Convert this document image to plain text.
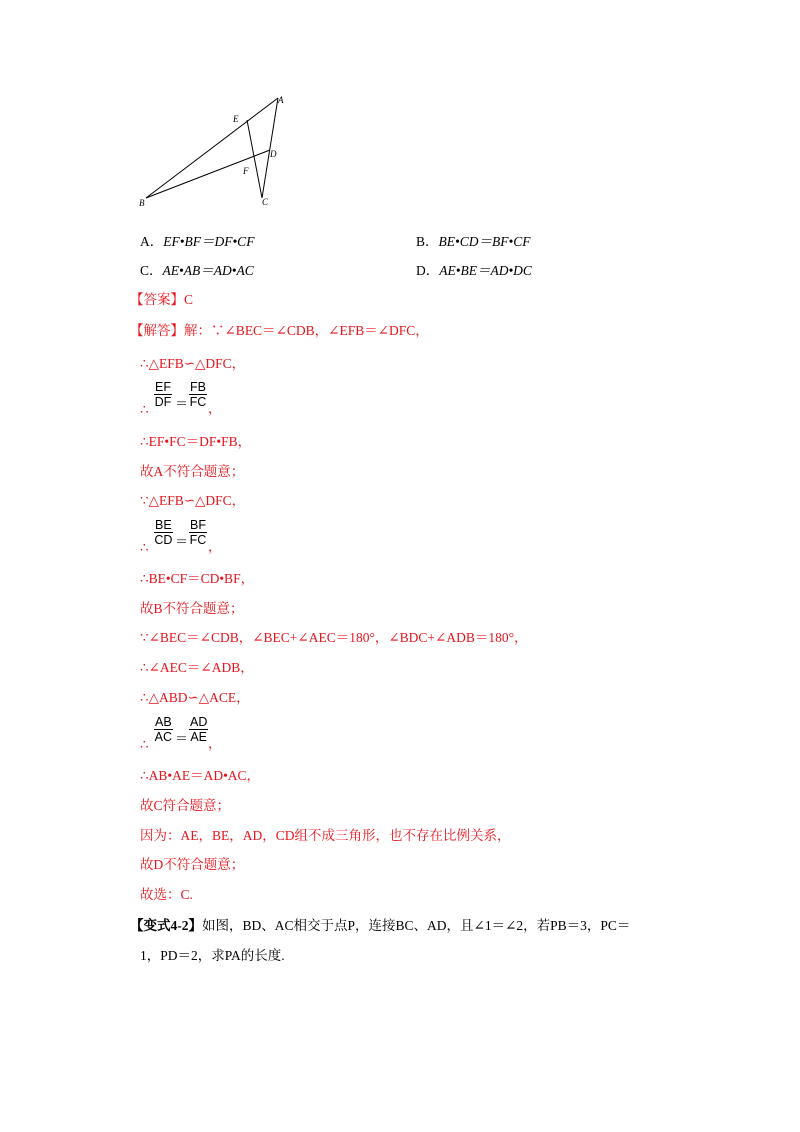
A
E
D
F
B	C
A．EF•BF＝DF•CF	B．BE•CD＝BF•CF
C．AE•AB＝AD•AC	D．AE•BE＝AD•DC
【答案】C
【解答】解：∵∠BEC＝∠CDB，∠EFB＝∠DFC，
∴△EFB∽△DFC，
∴
$\frac{EF}{DF} = \frac{FB}{FC}$ ，
∴EF•FC＝DF•FB，
故A不符合题意；
∵△EFB∽△DFC，
∴
$\frac{BE}{CD} = \frac{BF}{FC}$ ，
∴BE•CF＝CD•BF，
故B不符合题意；
∵∠BEC＝∠CDB，∠BEC+∠AEC＝180°，∠BDC+∠ADB＝180°，
∴∠AEC＝∠ADB，
∴△ABD∽△ACE，
∴
$\frac{AB}{AC} = \frac{AD}{AE}$ ，
∴AB•AE＝AD•AC，
故C符合题意；
因为：AE，BE，AD，CD组不成三角形，也不存在比例关系，
故D不符合题意；
故选：C.
【变式4-2】如图，BD、AC相交于点P，连接BC、AD，且∠1＝∠2，若PB＝3，PC＝
1，PD＝2，求PA的长度.
